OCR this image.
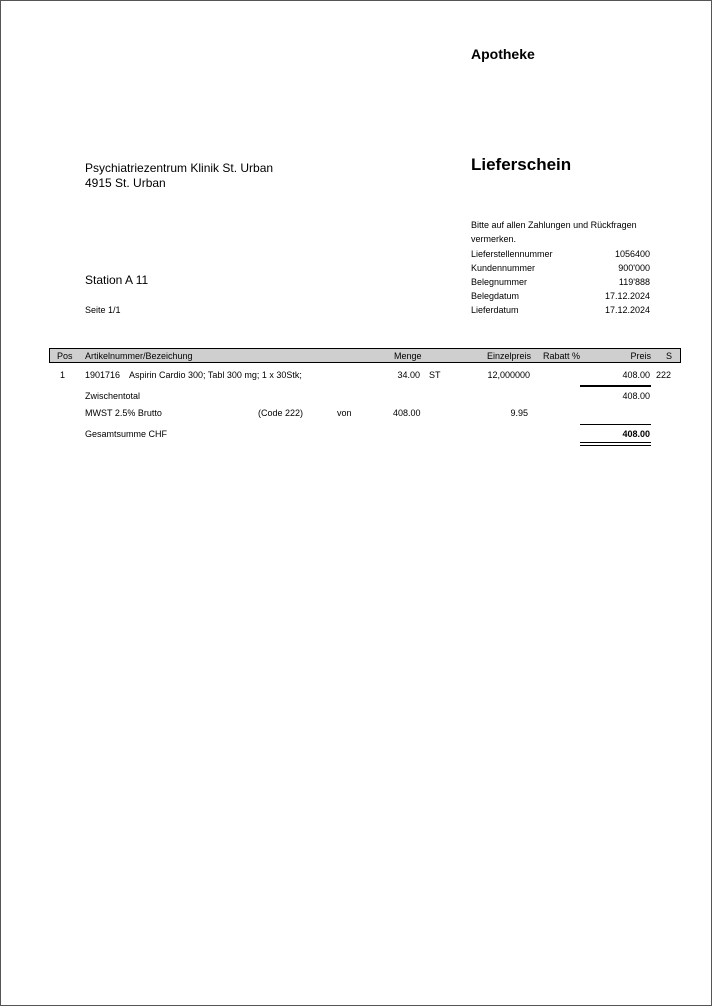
Apotheke
Psychiatriezentrum Klinik St. Urban
4915 St. Urban
Station A 11
Seite 1/1
Lieferschein
Bitte auf allen Zahlungen und Rückfragen
vermerken.
Lieferstellennummer	1056400
Kundennummer	900'000
Belegnummer	119'888
Belegdatum	17.12.2024
Lieferdatum	17.12.2024
Pos Artikelnummer/Bezeichung	Menge	Einzelpreis Rabatt %	Preis S
1 1901716 Aspirin Cardio 300; Tabl 300 mg; 1 x 30Stk;	34.00 ST	12,000000	408.00 222
Zwischentotal	408.00
MWST 2.5% Brutto	(Code 222)	von	408.00	9.95
Gesamtsumme CHF	408.00
